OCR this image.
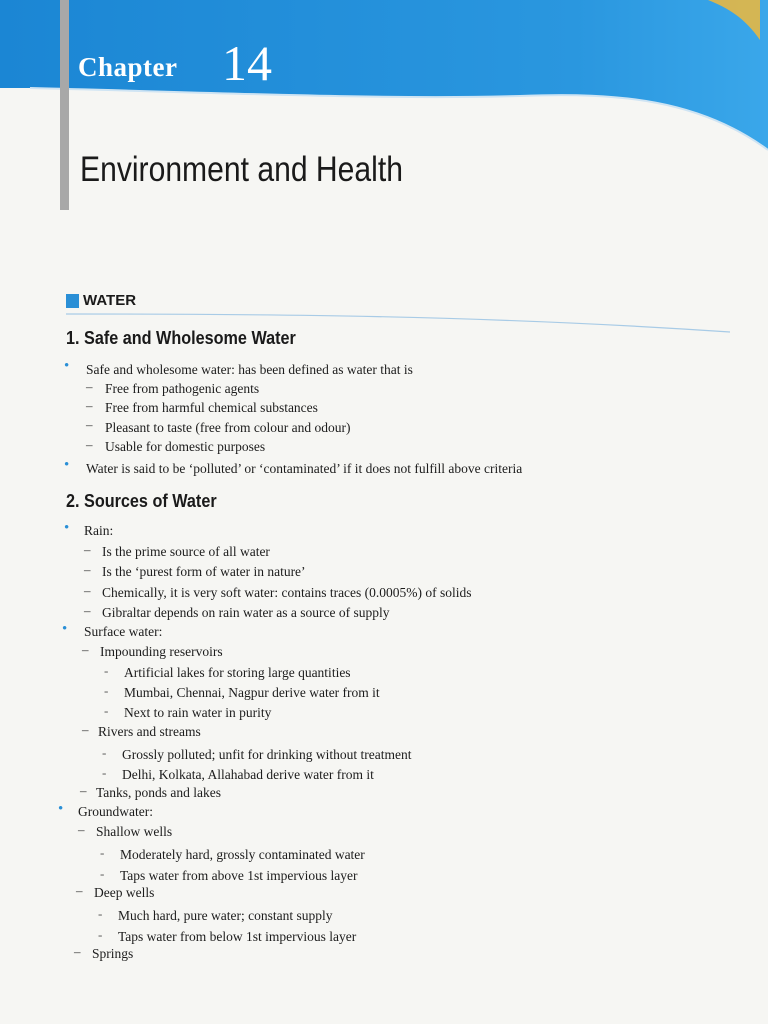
Chapter 14
Environment and Health
WATER
1. Safe and Wholesome Water
• Safe and wholesome water: has been defined as water that is
– Free from pathogenic agents
– Free from harmful chemical substances
– Pleasant to taste (free from colour and odour)
– Usable for domestic purposes
• Water is said to be ‘polluted’ or ‘contaminated’ if it does not fulfill above criteria
2. Sources of Water
• Rain:
– Is the prime source of all water
– Is the ‘purest form of water in nature’
– Chemically, it is very soft water: contains traces (0.0005%) of solids
– Gibraltar depends on rain water as a source of supply
• Surface water:
– Impounding reservoirs
- Artificial lakes for storing large quantities
- Mumbai, Chennai, Nagpur derive water from it
- Next to rain water in purity
– Rivers and streams
- Grossly polluted; unfit for drinking without treatment
- Delhi, Kolkata, Allahabad derive water from it
– Tanks, ponds and lakes
• Groundwater:
– Shallow wells
- Moderately hard, grossly contaminated water
- Taps water from above 1st impervious layer
– Deep wells
- Much hard, pure water; constant supply
- Taps water from below 1st impervious layer
– Springs
